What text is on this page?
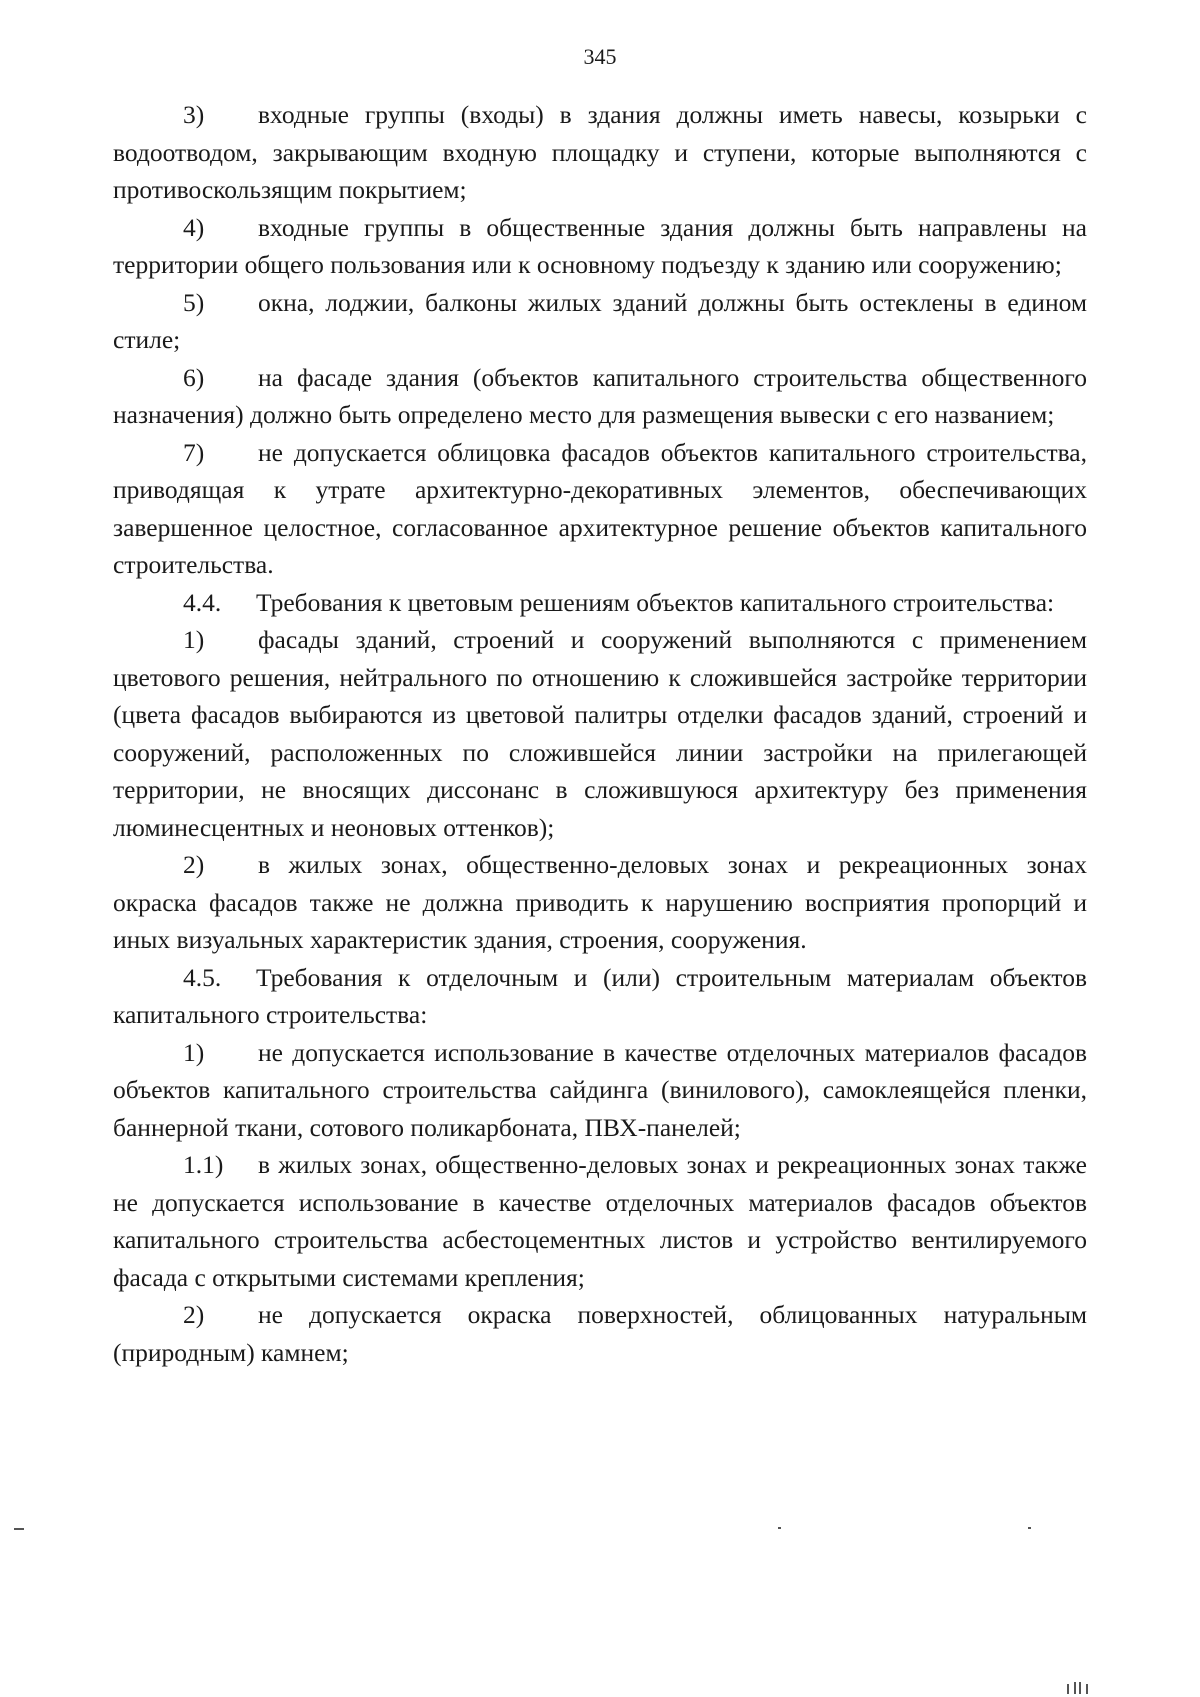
345

3) входные группы (входы) в здания должны иметь навесы, козырьки с водоотводом, закрывающим входную площадку и ступени, которые выполняются с противоскользящим покрытием;

4) входные группы в общественные здания должны быть направлены на территории общего пользования или к основному подъезду к зданию или сооружению;

5) окна, лоджии, балконы жилых зданий должны быть остеклены в едином стиле;

6) на фасаде здания (объектов капитального строительства общественного назначения) должно быть определено место для размещения вывески с его названием;

7) не допускается облицовка фасадов объектов капитального строительства, приводящая к утрате архитектурно-декоративных элементов, обеспечивающих завершенное целостное, согласованное архитектурное решение объектов капитального строительства.

4.4. Требования к цветовым решениям объектов капитального строительства:

1) фасады зданий, строений и сооружений выполняются с применением цветового решения, нейтрального по отношению к сложившейся застройке территории (цвета фасадов выбираются из цветовой палитры отделки фасадов зданий, строений и сооружений, расположенных по сложившейся линии застройки на прилегающей территории, не вносящих диссонанс в сложившуюся архитектуру без применения люминесцентных и неоновых оттенков);

2) в жилых зонах, общественно-деловых зонах и рекреационных зонах окраска фасадов также не должна приводить к нарушению восприятия пропорций и иных визуальных характеристик здания, строения, сооружения.

4.5. Требования к отделочным и (или) строительным материалам объектов капитального строительства:

1) не допускается использование в качестве отделочных материалов фасадов объектов капитального строительства сайдинга (винилового), самоклеящейся пленки, баннерной ткани, сотового поликарбоната, ПВХ-панелей;

1.1) в жилых зонах, общественно-деловых зонах и рекреационных зонах также не допускается использование в качестве отделочных материалов фасадов объектов капитального строительства асбестоцементных листов и устройство вентилируемого фасада с открытыми системами крепления;

2) не допускается окраска поверхностей, облицованных натуральным (природным) камнем;
